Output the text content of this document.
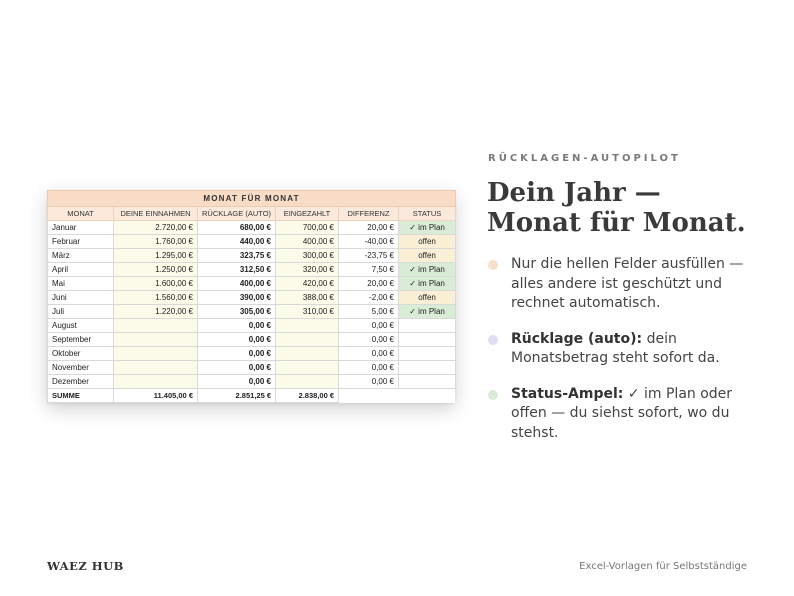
MONAT FÜR MONAT					
MONAT	DEINE EINNAHMEN	RÜCKLAGE (AUTO)	EINGEZAHLT	DIFFERENZ	STATUS
Januar	2.720,00 €	680,00 €	700,00 €	20,00 €	✓ im Plan
Februar	1.760,00 €	440,00 €	400,00 €	-40,00 €	offen
März	1.295,00 €	323,75 €	300,00 €	-23,75 €	offen
April	1.250,00 €	312,50 €	320,00 €	7,50 €	✓ im Plan
Mai	1.600,00 €	400,00 €	420,00 €	20,00 €	✓ im Plan
Juni	1.560,00 €	390,00 €	388,00 €	-2,00 €	offen
Juli	1.220,00 €	305,00 €	310,00 €	5,00 €	✓ im Plan
August		0,00 €		0,00 €	
September		0,00 €		0,00 €	
Oktober		0,00 €		0,00 €	
November		0,00 €		0,00 €	
Dezember		0,00 €		0,00 €	
SUMME	11.405,00 €	2.851,25 €	2.838,00 €		
RÜCKLAGEN-AUTOPILOT
Dein Jahr —
Monat für Monat.
Nur die hellen Felder ausfüllen — alles andere ist geschützt und rechnet automatisch.
Rücklage (auto): dein Monatsbetrag steht sofort da.
Status-Ampel: ✓ im Plan oder offen — du siehst sofort, wo du stehst.
WAEZ HUB	Excel-Vorlagen für Selbstständige
